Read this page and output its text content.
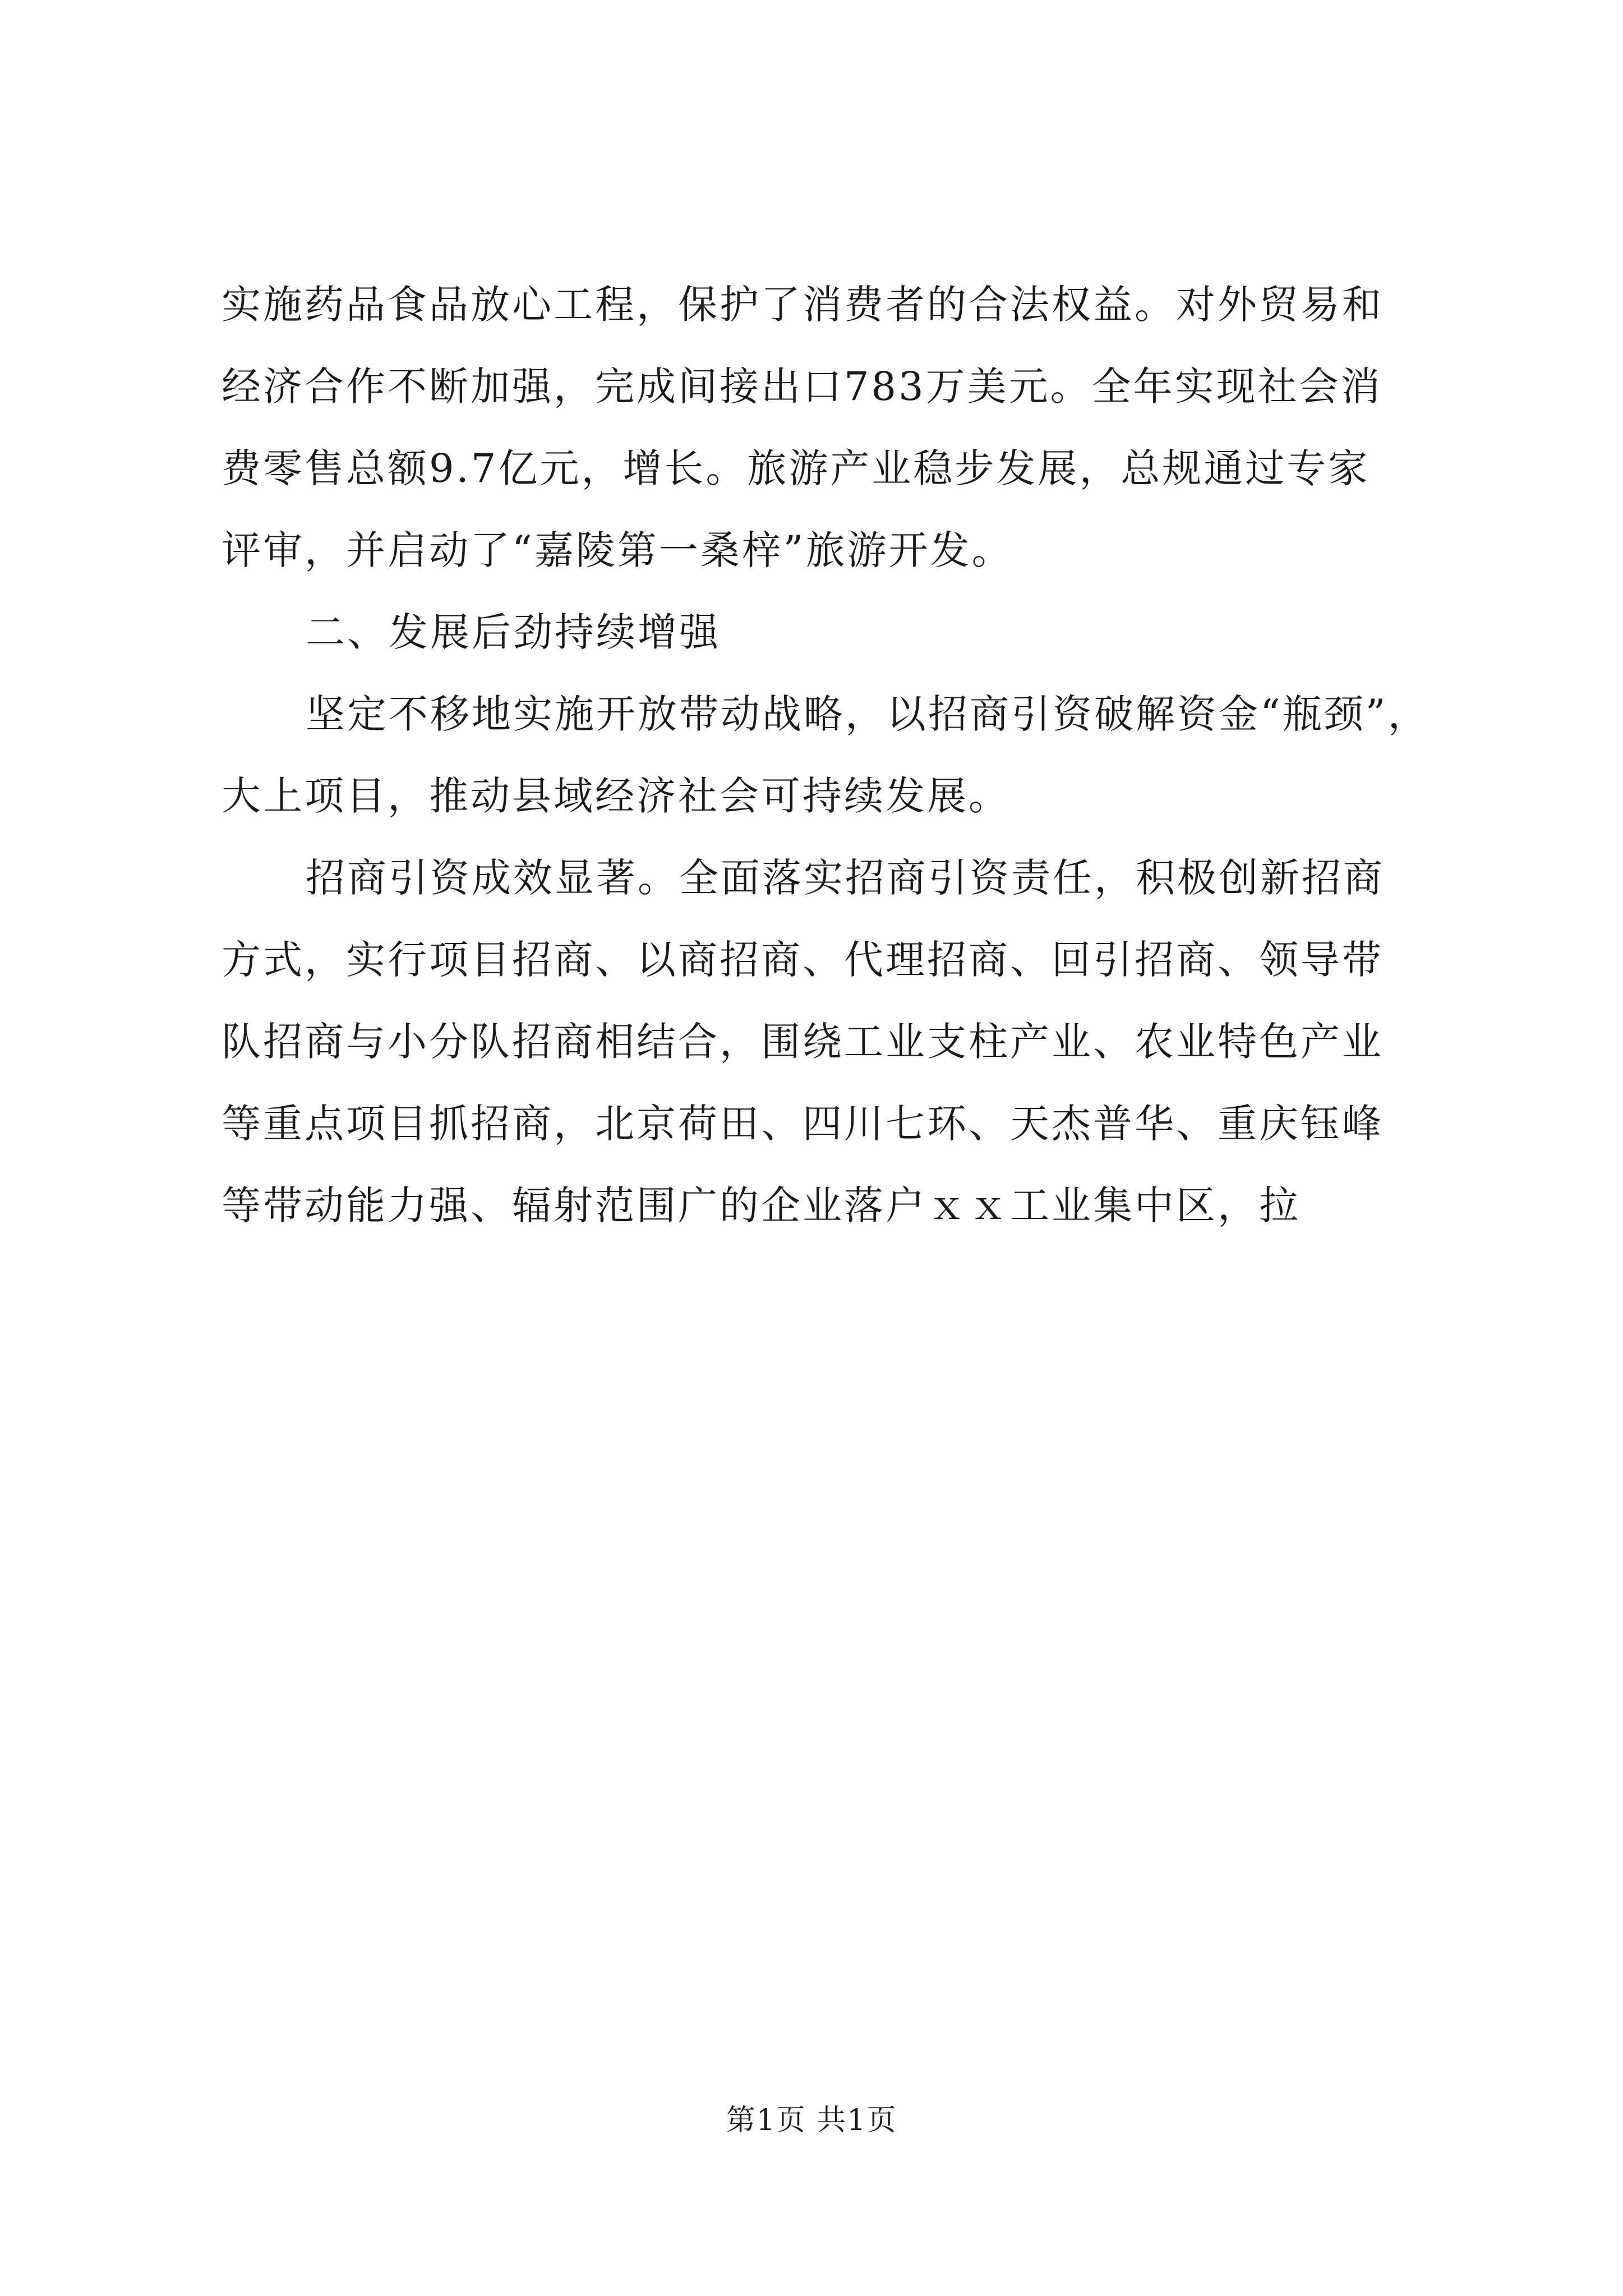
实施药品食品放心工程，保护了消费者的合法权益。对外贸易和
经济合作不断加强，完成间接出口783万美元。全年实现社会消
费零售总额9.7亿元，增长。旅游产业稳步发展，总规通过专家
评审，并启动了“嘉陵第一桑梓”旅游开发。
二、发展后劲持续增强
坚定不移地实施开放带动战略，以招商引资破解资金“瓶颈”，
大上项目，推动县域经济社会可持续发展。
招商引资成效显著。全面落实招商引资责任，积极创新招商
方式，实行项目招商、以商招商、代理招商、回引招商、领导带
队招商与小分队招商相结合，围绕工业支柱产业、农业特色产业
等重点项目抓招商，北京荷田、四川七环、天杰普华、重庆钰峰
等带动能力强、辐射范围广的企业落户ｘｘ工业集中区，拉
第1页 共1页
